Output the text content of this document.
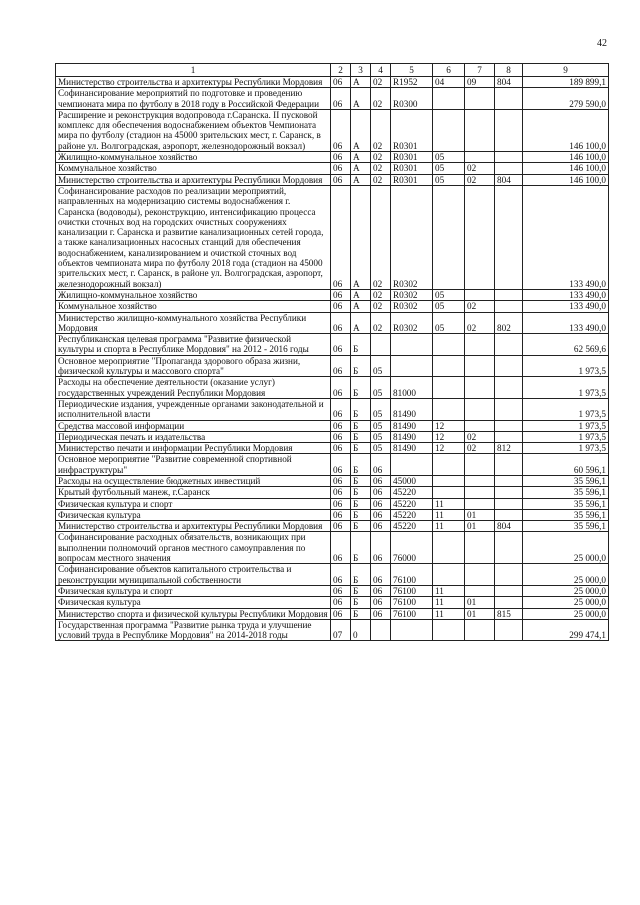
42
1	2	3	4	5	6	7	8	9
Министерство строительства и архитектуры Республики Мордовия	06	А	02	R1952	04	09	804	189 899,1
Софинансирование мероприятий по подготовке и проведению чемпионата мира по футболу в 2018 году в Российской Федерации	06	А	02	R0300				279 590,0
Расширение и реконструкция водопровода г.Саранска. II пусковой комплекс для обеспечения водоснабжением объектов Чемпионата мира по футболу (стадион на 45000 зрительских мест, г. Саранск, в районе ул. Волгоградская, аэропорт, железнодорожный вокзал)	06	А	02	R0301				146 100,0
Жилищно-коммунальное хозяйство	06	А	02	R0301	05			146 100,0
Коммунальное хозяйство	06	А	02	R0301	05	02		146 100,0
Министерство строительства и архитектуры Республики Мордовия	06	А	02	R0301	05	02	804	146 100,0
Софинансирование расходов по реализации мероприятий, направленных на модернизацию системы водоснабжения г. Саранска (водоводы), реконструкцию, интенсификацию процесса очистки сточных вод на городских очистных сооружениях канализации г. Саранска и развитие канализационных сетей города, а также канализационных насосных станций для обеспечения водоснабжением, канализированием и очисткой сточных вод объектов чемпионата мира по футболу 2018 года (стадион на 45000 зрительских мест, г. Саранск, в районе ул. Волгоградская, аэропорт, железнодорожный вокзал)	06	А	02	R0302				133 490,0
Жилищно-коммунальное хозяйство	06	А	02	R0302	05			133 490,0
Коммунальное хозяйство	06	А	02	R0302	05	02		133 490,0
Министерство жилищно-коммунального хозяйства Республики Мордовия	06	А	02	R0302	05	02	802	133 490,0
Республиканская целевая программа "Развитие физической культуры и спорта в Республике Мордовия" на 2012 - 2016 годы	06	Б						62 569,6
Основное мероприятие "Пропаганда здорового образа жизни, физической культуры и массового спорта"	06	Б	05					1 973,5
Расходы на обеспечение деятельности (оказание услуг) государственных учреждений Республики Мордовия	06	Б	05	81000				1 973,5
Периодические издания, учрежденные органами законодательной и исполнительной власти	06	Б	05	81490				1 973,5
Средства массовой информации	06	Б	05	81490	12			1 973,5
Периодическая печать и издательства	06	Б	05	81490	12	02		1 973,5
Министерство печати и информации Республики Мордовия	06	Б	05	81490	12	02	812	1 973,5
Основное мероприятие "Развитие современной спортивной инфраструктуры"	06	Б	06					60 596,1
Расходы на осуществление бюджетных инвестиций	06	Б	06	45000				35 596,1
Крытый футбольный манеж, г.Саранск	06	Б	06	45220				35 596,1
Физическая культура и спорт	06	Б	06	45220	11			35 596,1
Физическая культура	06	Б	06	45220	11	01		35 596,1
Министерство строительства и архитектуры Республики Мордовия	06	Б	06	45220	11	01	804	35 596,1
Софинансирование расходных обязательств, возникающих при выполнении полномочий органов местного самоуправления по вопросам местного значения	06	Б	06	76000				25 000,0
Софинансирование объектов капитального строительства и реконструкции муниципальной собственности	06	Б	06	76100				25 000,0
Физическая культура и спорт	06	Б	06	76100	11			25 000,0
Физическая культура	06	Б	06	76100	11	01		25 000,0
Министерство спорта и физической культуры Республики Мордовия	06	Б	06	76100	11	01	815	25 000,0
Государственная программа "Развитие рынка труда и улучшение условий труда в Республике Мордовия" на 2014-2018 годы	07	0						299 474,1
